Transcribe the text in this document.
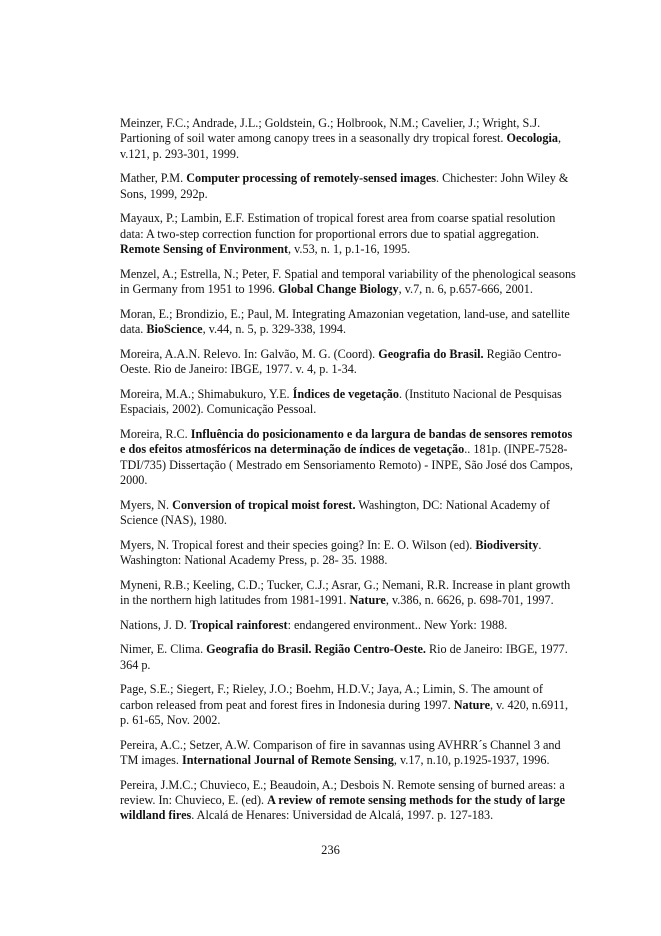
Meinzer, F.C.; Andrade, J.L.; Goldstein, G.; Holbrook, N.M.; Cavelier, J.; Wright, S.J. Partioning of soil water among canopy trees in a seasonally dry tropical forest. Oecologia, v.121, p. 293-301, 1999.

Mather, P.M. Computer processing of remotely-sensed images. Chichester: John Wiley & Sons, 1999, 292p.

Mayaux, P.; Lambin, E.F. Estimation of tropical forest area from coarse spatial resolution data: A two-step correction function for proportional errors due to spatial aggregation. Remote Sensing of Environment, v.53, n. 1, p.1-16, 1995.

Menzel, A.; Estrella, N.; Peter, F. Spatial and temporal variability of the phenological seasons in Germany from 1951 to 1996. Global Change Biology, v.7, n. 6, p.657-666, 2001.

Moran, E.; Brondizio, E.; Paul, M. Integrating Amazonian vegetation, land-use, and satellite data. BioScience, v.44, n. 5, p. 329-338, 1994.

Moreira, A.A.N. Relevo. In: Galvão, M. G. (Coord). Geografia do Brasil. Região Centro-Oeste. Rio de Janeiro: IBGE, 1977. v. 4, p. 1-34.

Moreira, M.A.; Shimabukuro, Y.E. Índices de vegetação. (Instituto Nacional de Pesquisas Espaciais, 2002). Comunicação Pessoal.

Moreira, R.C. Influência do posicionamento e da largura de bandas de sensores remotos e dos efeitos atmosféricos na determinação de índices de vegetação.. 181p. (INPE-7528-TDI/735) Dissertação ( Mestrado em Sensoriamento Remoto) - INPE, São José dos Campos, 2000.

Myers, N. Conversion of tropical moist forest. Washington, DC: National Academy of Science (NAS), 1980.

Myers, N. Tropical forest and their species going? In: E. O. Wilson (ed). Biodiversity. Washington: National Academy Press, p. 28- 35. 1988.

Myneni, R.B.; Keeling, C.D.; Tucker, C.J.; Asrar, G.; Nemani, R.R. Increase in plant growth in the northern high latitudes from 1981-1991. Nature, v.386, n. 6626, p. 698-701, 1997.

Nations, J. D. Tropical rainforest: endangered environment.. New York: 1988.

Nimer, E. Clima. Geografia do Brasil. Região Centro-Oeste. Rio de Janeiro: IBGE, 1977. 364 p.

Page, S.E.; Siegert, F.; Rieley, J.O.; Boehm, H.D.V.; Jaya, A.; Limin, S. The amount of carbon released from peat and forest fires in Indonesia during 1997. Nature, v. 420, n.6911, p. 61-65, Nov. 2002.

Pereira, A.C.; Setzer, A.W. Comparison of fire in savannas using AVHRR´s Channel 3 and TM images. International Journal of Remote Sensing, v.17, n.10, p.1925-1937, 1996.

Pereira, J.M.C.; Chuvieco, E.; Beaudoin, A.; Desbois N. Remote sensing of burned areas: a review. In: Chuvieco, E. (ed). A review of remote sensing methods for the study of large wildland fires. Alcalá de Henares: Universidad de Alcalá, 1997. p. 127-183.

236
